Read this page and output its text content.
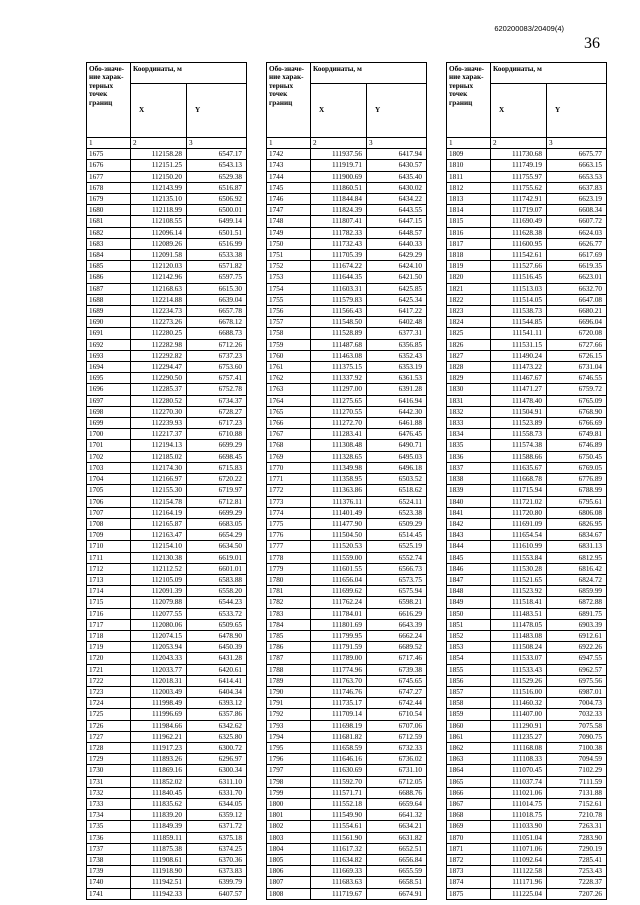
620200083/20409(4)
36
Обо-значе-ние харак-терных точек границ	Координаты, м	
	X	Y
1	2	3
1675	112158.28	6547.17
1676	112151.25	6543.13
1677	112150.20	6529.38
1678	112143.99	6516.87
1679	112135.10	6506.92
1680	112118.99	6500.01
1681	112108.55	6499.14
1682	112096.14	6501.51
1683	112089.26	6516.99
1684	112091.58	6533.38
1685	112120.03	6571.82
1686	112142.96	6597.75
1687	112168.63	6615.30
1688	112214.88	6639.04
1689	112234.73	6657.78
1690	112273.26	6678.12
1691	112280.25	6688.73
1692	112282.98	6712.26
1693	112292.82	6737.23
1694	112294.47	6753.60
1695	112290.50	6757.41
1696	112285.37	6752.78
1697	112280.52	6734.37
1698	112270.30	6728.27
1699	112239.93	6717.23
1700	112217.37	6710.88
1701	112194.13	6699.29
1702	112185.02	6698.45
1703	112174.30	6715.83
1704	112166.97	6720.22
1705	112155.30	6719.97
1706	112154.78	6712.81
1707	112164.19	6699.29
1708	112165.87	6683.05
1709	112163.47	6654.29
1710	112154.10	6634.50
1711	112130.38	6619.01
1712	112112.52	6601.01
1713	112105.09	6583.88
1714	112091.39	6558.20
1715	112079.88	6544.23
1716	112077.55	6533.72
1717	112080.06	6509.65
1718	112074.15	6478.90
1719	112053.94	6450.39
1720	112043.33	6431.28
1721	112033.77	6420.61
1722	112018.31	6414.41
1723	112003.49	6404.34
1724	111998.49	6393.12
1725	111996.69	6357.86
1726	111984.66	6342.62
1727	111962.21	6325.80
1728	111917.23	6300.72
1729	111893.26	6296.97
1730	111869.16	6300.34
1731	111852.02	6311.10
1732	111840.45	6331.70
1733	111835.62	6344.05
1734	111839.20	6359.12
1735	111849.39	6371.72
1736	111859.11	6375.18
1737	111875.38	6374.25
1738	111908.61	6370.36
1739	111918.90	6373.83
1740	111942.51	6399.79
1741	111942.33	6407.57
Обо-значе-ние харак-терных точек границ	Координаты, м	
	X	Y
1	2	3
1742	111937.56	6417.94
1743	111919.71	6430.57
1744	111900.69	6435.40
1745	111860.51	6430.02
1746	111844.84	6434.22
1747	111824.39	6443.55
1748	111807.41	6447.15
1749	111782.33	6448.57
1750	111732.43	6440.33
1751	111705.39	6429.29
1752	111674.22	6424.10
1753	111644.35	6421.50
1754	111603.31	6425.85
1755	111579.83	6425.34
1756	111566.43	6417.22
1757	111548.50	6402.48
1758	111528.89	6377.31
1759	111487.68	6356.85
1760	111463.08	6352.43
1761	111375.15	6353.19
1762	111337.92	6361.53
1763	111297.00	6391.28
1764	111275.65	6416.94
1765	111270.55	6442.30
1766	111272.70	6461.88
1767	111283.41	6476.45
1768	111308.48	6490.71
1769	111328.65	6495.03
1770	111349.98	6496.18
1771	111358.95	6503.52
1772	111363.86	6518.62
1773	111376.11	6524.11
1774	111401.49	6523.38
1775	111477.90	6509.29
1776	111504.50	6514.45
1777	111520.53	6525.19
1778	111559.00	6552.74
1779	111601.55	6566.73
1780	111656.04	6573.75
1781	111699.62	6575.94
1782	111762.24	6598.21
1783	111784.01	6616.29
1784	111801.69	6643.39
1785	111799.95	6662.24
1786	111791.59	6689.52
1787	111789.00	6717.46
1788	111774.96	6739.38
1789	111763.70	6745.65
1790	111746.76	6747.27
1791	111735.17	6742.44
1792	111709.14	6710.54
1793	111698.19	6707.06
1794	111681.82	6712.59
1795	111658.59	6732.33
1796	111646.16	6736.02
1797	111630.69	6731.10
1798	111592.70	6712.05
1799	111571.71	6688.76
1800	111552.18	6659.64
1801	111549.90	6641.32
1802	111554.61	6634.21
1803	111561.90	6631.82
1804	111617.32	6652.51
1805	111634.82	6656.84
1806	111669.33	6655.59
1807	111683.63	6658.51
1808	111719.67	6674.91
Обо-значе-ние харак-терных точек границ	Координаты, м	
	X	Y
1	2	3
1809	111730.68	6675.77
1810	111749.19	6663.15
1811	111755.97	6653.53
1812	111755.62	6637.83
1813	111742.91	6623.19
1814	111719.07	6608.34
1815	111690.49	6607.72
1816	111628.38	6624.03
1817	111600.95	6626.77
1818	111542.61	6617.69
1819	111527.66	6619.35
1820	111516.45	6623.01
1821	111513.03	6632.70
1822	111514.05	6647.08
1823	111538.73	6680.21
1824	111544.85	6696.04
1825	111541.11	6720.08
1826	111531.15	6727.66
1827	111490.24	6726.15
1828	111473.22	6731.04
1829	111467.67	6746.55
1830	111471.27	6759.72
1831	111478.40	6765.09
1832	111504.91	6768.90
1833	111523.89	6766.69
1834	111558.73	6749.81
1835	111574.38	6746.89
1836	111588.66	6750.45
1837	111635.67	6769.05
1838	111668.78	6776.89
1839	111715.94	6788.99
1840	111721.02	6795.61
1841	111720.80	6806.08
1842	111691.09	6826.95
1843	111654.54	6834.67
1844	111610.99	6831.13
1845	111553.84	6812.95
1846	111530.28	6816.42
1847	111521.65	6824.72
1848	111523.92	6859.99
1849	111518.41	6872.88
1850	111483.51	6891.75
1851	111478.05	6903.39
1852	111483.08	6912.61
1853	111508.24	6922.26
1854	111533.07	6947.55
1855	111533.43	6962.57
1856	111529.26	6975.56
1857	111516.00	6987.01
1858	111460.32	7004.73
1859	111407.00	7032.33
1860	111290.91	7075.58
1861	111235.27	7090.75
1862	111168.08	7100.38
1863	111108.33	7094.59
1864	111070.45	7102.29
1865	111037.74	7111.59
1866	111021.06	7131.88
1867	111014.75	7152.61
1868	111018.75	7210.78
1869	111033.90	7263.31
1870	111051.04	7283.90
1871	111071.06	7290.19
1872	111092.64	7285.41
1873	111122.58	7253.43
1874	111171.96	7228.37
1875	111225.04	7207.26
